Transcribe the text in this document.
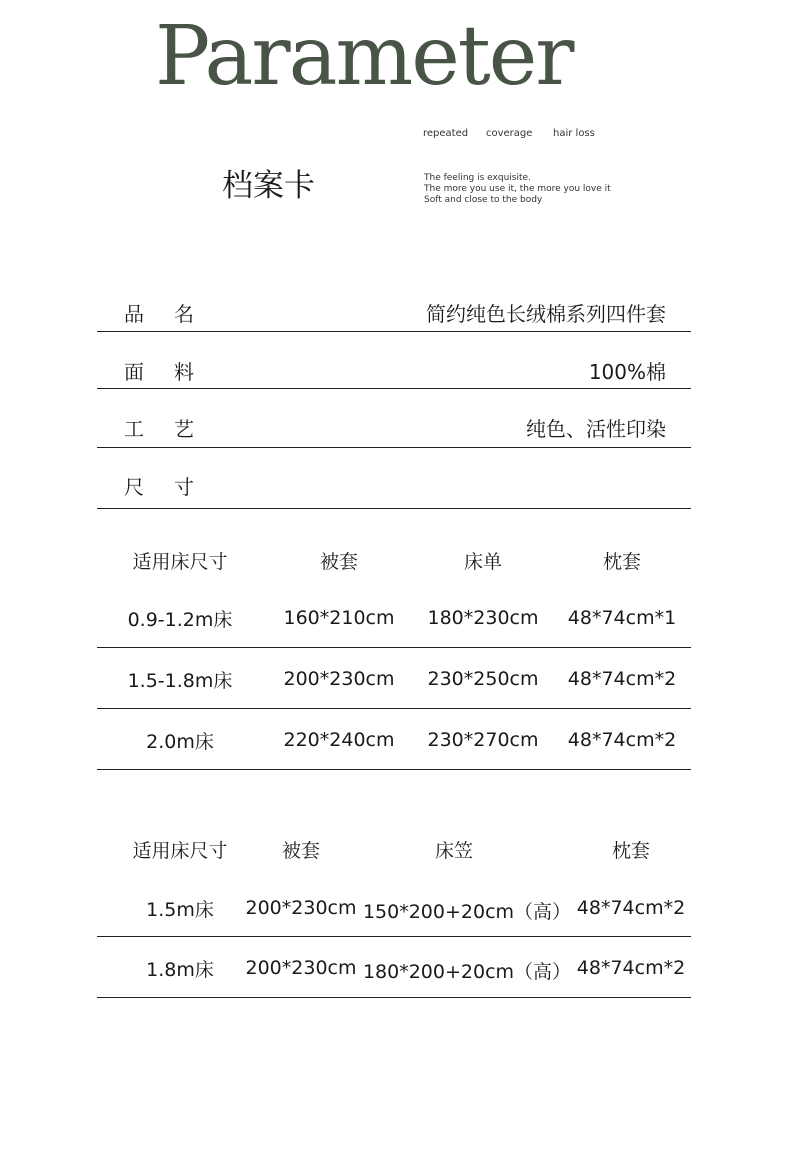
Parameter
档案卡
repeated coverage hair loss
The feeling is exquisite.
The more you use it, the more you love it
Soft and close to the body
品 名	简约纯色长绒棉系列四件套
面 料	100%棉
工 艺	纯色、活性印染
尺 寸
适用床尺寸	被套	床单	枕套
0.9-1.2m床	160*210cm 180*230cm 48*74cm*1
1.5-1.8m床	200*230cm 230*250cm 48*74cm*2
2.0m床	220*240cm 230*270cm 48*74cm*2
适用床尺寸	被套	床笠	枕套
1.5m床 200*230cm 150*200+20cm（高） 48*74cm*2
1.8m床 200*230cm 180*200+20cm（高） 48*74cm*2
